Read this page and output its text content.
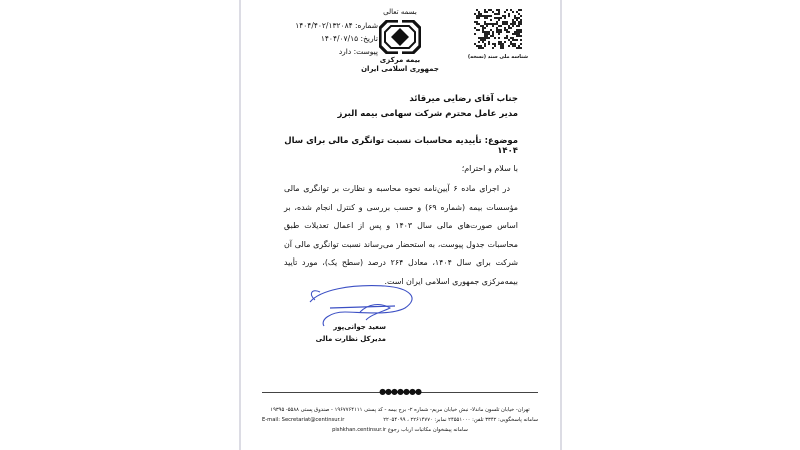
شماره: ۱۴۰۴/۴۰۲/۱۳۲۰۸۴
تاریخ: ۱۴۰۴/۰۷/۱۵
پیوست: دارد
بسمه تعالی
بیمه مرکزی
جمهوری اسلامی ایران
شناسه ملی سند (نسخه)
جناب آقای رضایی میرقائد
مدیر عامل محترم شرکت سهامی بیمه البرز
موضوع: تأییدیه محاسبات نسبت توانگری مالی برای سال ۱۴۰۴
با سلام و احترام؛
در اجرای ماده ۶ آیین‌نامه نحوه محاسبه و نظارت بر توانگری مالی مؤسسات بیمه (شماره ۶۹) و حسب بررسی و کنترل انجام شده، بر اساس صورت‌های مالی سال ۱۴۰۳ و پس از اعمال تعدیلات طبق محاسبات جدول پیوست، به استحضار می‌رساند نسبت توانگری مالی آن شرکت برای سال ۱۴۰۴، معادل ۲۶۴ درصد (سطح یک)، مورد تأیید بیمه‌مرکزی جمهوری اسلامی ایران است.
سعید جوانی‌پور
مدیرکل نظارت مالی
●●●●●●●
تهران- خیابان تلسون ماندلا- نبش خیابان مریم- شماره ۲- برج بیمه - کد پستی ۱۹۶۷۷۶۴۱۱۱ - صندوق پستی ۵۵۸۸- ۱۹۳۹۵
E-mail: Secretariat@centinsur.ir	سامانه پاسخگویی: ۳۳۴۲ تلفن: ۲۴۵۵۱۰۰۰ نمابر: ۲۲۶۱۴۷۷۰ ، ۲۲۰۵۴۰۹۹
سامانه پیشخوان مکاتبات ارباب رجوع pishkhan.centinsur.ir
